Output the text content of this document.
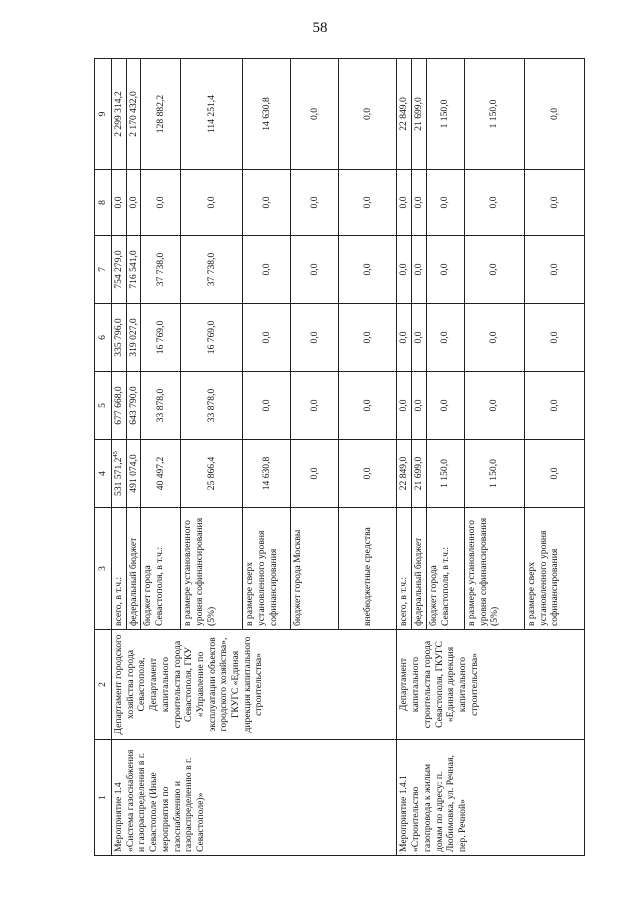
58
1	2	3	4	5	6	7	8	9
Мероприятие 1.4 «Система газоснабжения и газораспределения в г. Севастополе (Иные мероприятия по газоснабжению и газораспределению в г. Севастополе)»	Департамент городского хозяйства города Севастополя, Департамент капитального строительства города Севастополя, ГКУ «Управление по эксплуатации объектов городского хозяйства», ГКУГС «Единая дирекция капитального строительства»	всего, в т.ч.:	531 571,2$^{45}$	677 668,0	335 796,0	754 279,0	0,0	2 299 314,2
		федеральный бюджет	491 074,0	643 790,0	319 027,0	716 541,0	0,0	2 170 432,0
		бюджет города Севастополя, в т.ч.:	40 497,2	33 878,0	16 769,0	37 738,0	0,0	128 882,2
		в размере установленного уровня софинансирования (5%)	25 866,4	33 878,0	16 769,0	37 738,0	0,0	114 251,4
		в размере сверх установленного уровня софинансирования	14 630,8	0,0	0,0	0,0	0,0	14 630,8
		бюджет города Москвы	0,0	0,0	0,0	0,0	0,0	0,0
		внебюджетные средства	0,0	0,0	0,0	0,0	0,0	0,0
Мероприятие 1.4.1 «Строительство газопровода к жилым домам по адресу: п. Любимовка, ул. Речная, пер. Речной»	Департамент капитального строительства города Севастополя, ГКУГС «Единая дирекция капитального строительства»	всего, в т.ч.:	22 849,0	0,0	0,0	0,0	0,0	22 849,0
		федеральный бюджет	21 699,0	0,0	0,0	0,0	0,0	21 699,0
		бюджет города Севастополя, в т.ч.:	1 150,0	0,0	0,0	0,0	0,0	1 150,0
		в размере установленного уровня софинансирования (5%)	1 150,0	0,0	0,0	0,0	0,0	1 150,0
		в размере сверх установленного уровня софинансирования	0,0	0,0	0,0	0,0	0,0	0,0
